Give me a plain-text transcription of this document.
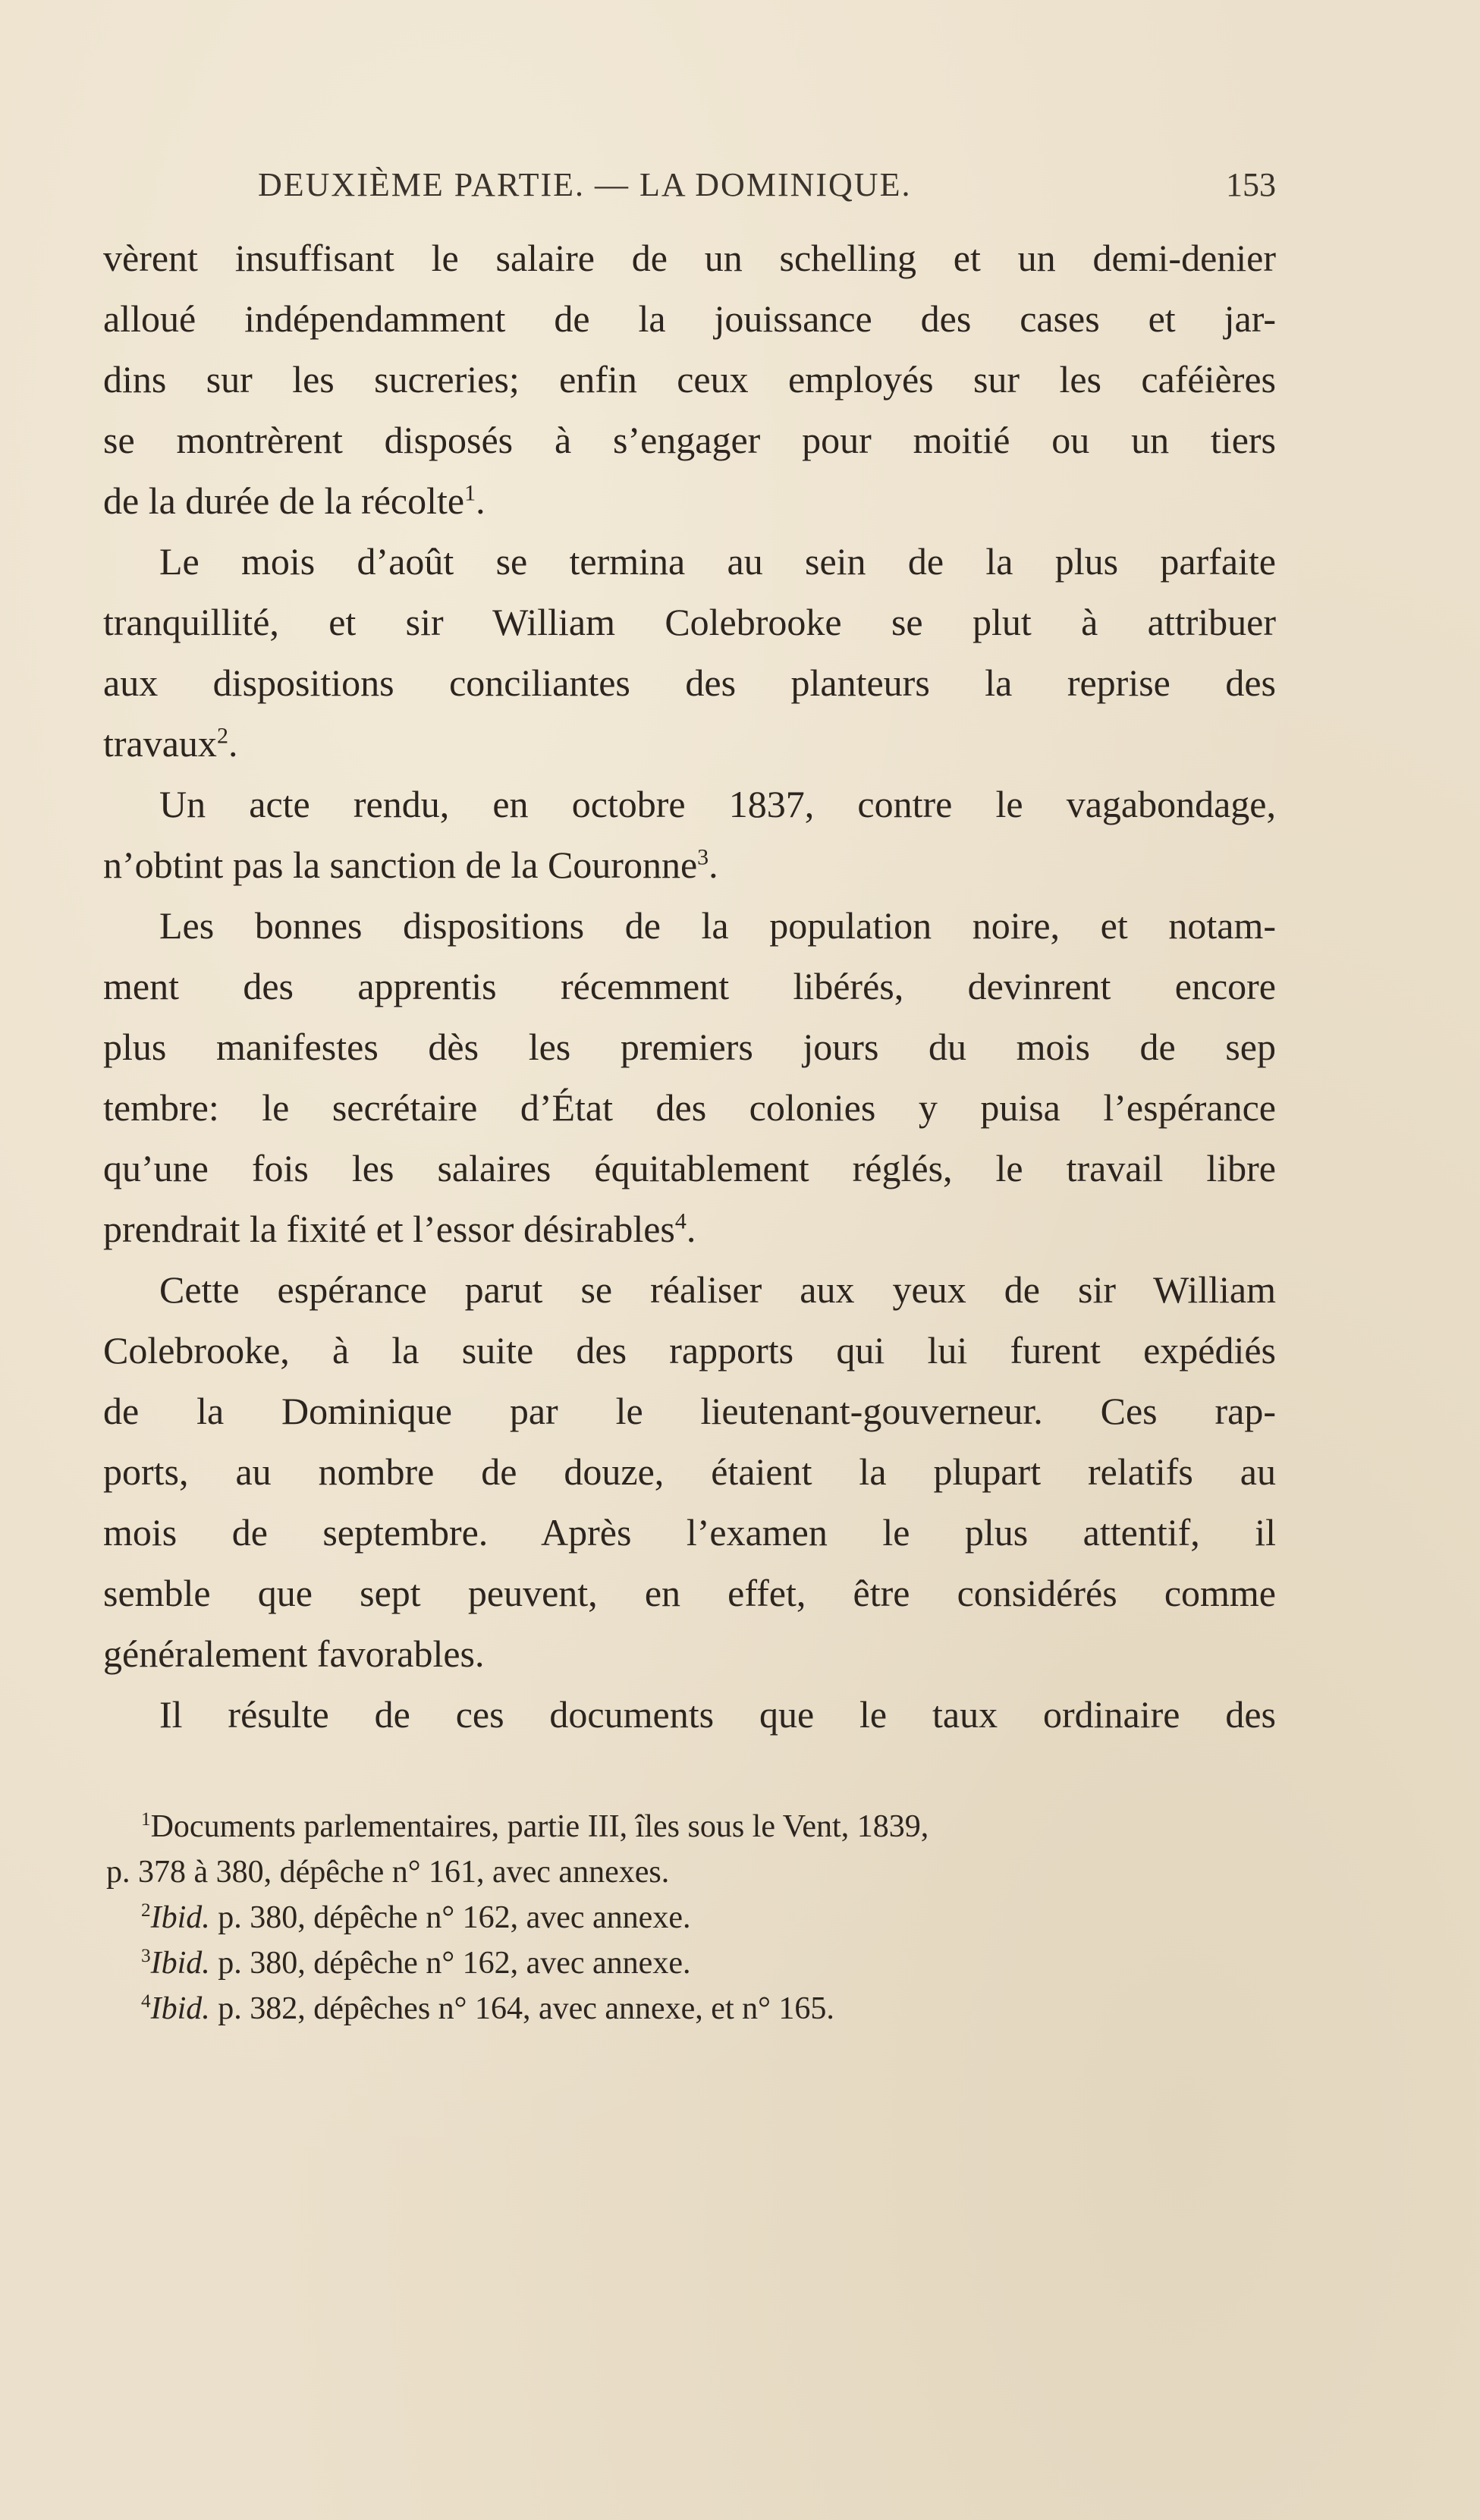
DEUXIÈME PARTIE. — LA DOMINIQUE.	153
vèrent insuffisant le salaire de un schelling et un demi-denier
alloué indépendamment de la jouissance des cases et jar-
dins sur les sucreries; enfin ceux employés sur les caféières
se montrèrent disposés à s’engager pour moitié ou un tiers
de la durée de la récolte$^1$.
Le mois d’août se termina au sein de la plus parfaite
tranquillité, et sir William Colebrooke se plut à attribuer
aux dispositions conciliantes des planteurs la reprise des
travaux$^2$.
Un acte rendu, en octobre 1837, contre le vagabondage,
n’obtint pas la sanction de la Couronne$^3$.
Les bonnes dispositions de la population noire, et notam-
ment des apprentis récemment libérés, devinrent encore
plus manifestes dès les premiers jours du mois de sep
tembre: le secrétaire d’État des colonies y puisa l’espérance
qu’une fois les salaires équitablement réglés, le travail libre
prendrait la fixité et l’essor désirables$^4$.
Cette espérance parut se réaliser aux yeux de sir William
Colebrooke, à la suite des rapports qui lui furent expédiés
de la Dominique par le lieutenant-gouverneur. Ces rap-
ports, au nombre de douze, étaient la plupart relatifs au
mois de septembre. Après l’examen le plus attentif, il
semble que sept peuvent, en effet, être considérés comme
généralement favorables.
Il résulte de ces documents que le taux ordinaire des
$^1$Documents parlementaires, partie III, îles sous le Vent, 1839,
p. 378 à 380, dépêche n° 161, avec annexes.
$^2$Ibid. p. 380, dépêche n° 162, avec annexe.
$^3$Ibid. p. 380, dépêche n° 162, avec annexe.
$^4$Ibid. p. 382, dépêches n° 164, avec annexe, et n° 165.
